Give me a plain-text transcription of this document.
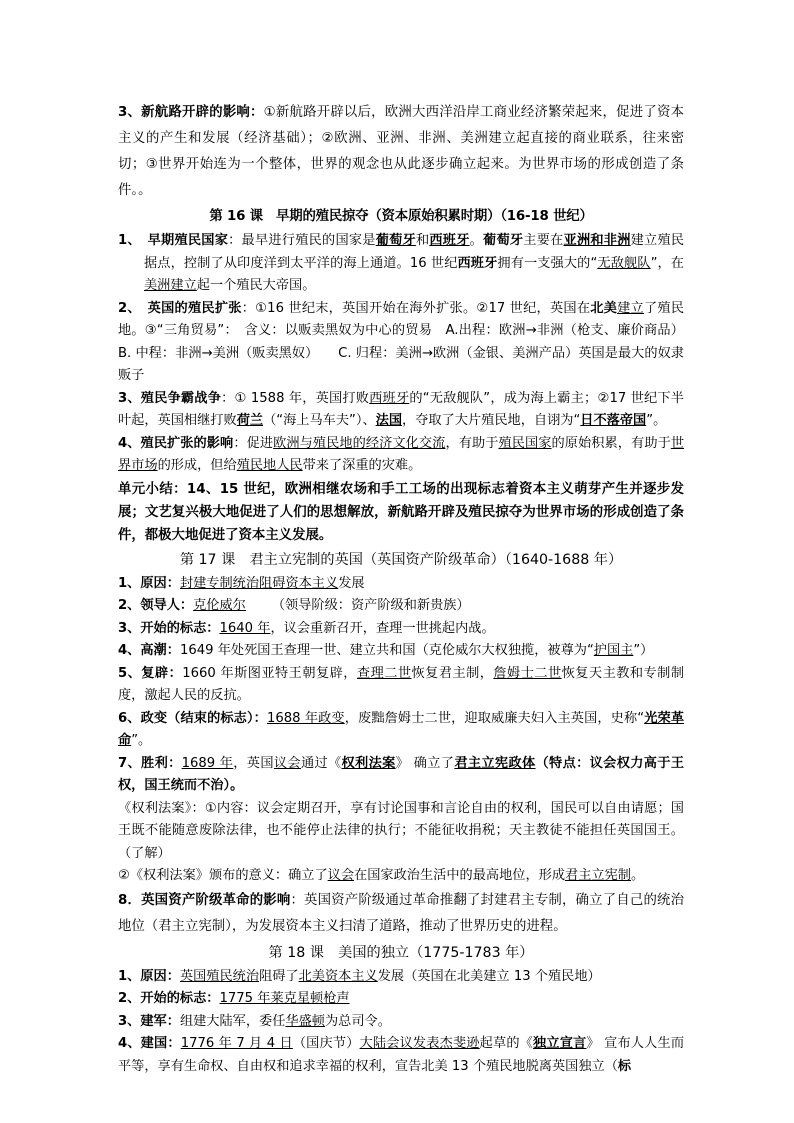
3、新航路开辟的影响：①新航路开辟以后，欧洲大西洋沿岸工商业经济繁荣起来，促进了资本主义的产生和发展（经济基础）；②欧洲、亚洲、非洲、美洲建立起直接的商业联系，往来密切；③世界开始连为一个整体，世界的观念也从此逐步确立起来。为世界市场的形成创造了条件。。

第 16 课　早期的殖民掠夺（资本原始积累时期）（16-18 世纪）

1、　早期殖民国家：最早进行殖民的国家是葡萄牙和西班牙。葡萄牙主要在亚洲和非洲建立殖民据点，控制了从印度洋到太平洋的海上通道。16 世纪西班牙拥有一支强大的“无敌舰队”，在美洲建立起一个殖民大帝国。

2、　英国的殖民扩张：①16 世纪末，英国开始在海外扩张。②17 世纪，英国在北美建立了殖民地。③“三角贸易”：　含义：以贩卖黑奴为中心的贸易　A.出程：欧洲→非洲（枪支、廉价商品）B. 中程：非洲→美洲（贩卖黑奴）　　C. 归程：美洲→欧洲（金银、美洲产品）英国是最大的奴隶贩子

3、殖民争霸战争：① 1588 年，英国打败西班牙的“无敌舰队”，成为海上霸主；②17 世纪下半叶起，英国相继打败荷兰（“海上马车夫”）、法国，夺取了大片殖民地，自诩为“日不落帝国”。

4、殖民扩张的影响：促进欧洲与殖民地的经济文化交流，有助于殖民国家的原始积累，有助于世界市场的形成，但给殖民地人民带来了深重的灾难。

单元小结：14、15 世纪，欧洲相继农场和手工工场的出现标志着资本主义萌芽产生并逐步发展；文艺复兴极大地促进了人们的思想解放，新航路开辟及殖民掠夺为世界市场的形成创造了条件，都极大地促进了资本主义发展。

第 17 课　君主立宪制的英国（英国资产阶级革命）（1640-1688 年）

1、原因：封建专制统治阻碍资本主义发展

2、领导人：克伦威尔 （领导阶级：资产阶级和新贵族）

3、开始的标志：1640 年，议会重新召开，查理一世挑起内战。

4、高潮：1649 年处死国王查理一世、建立共和国（克伦威尔大权独揽，被尊为“护国主”）

5、复辟：1660 年斯图亚特王朝复辟，查理二世恢复君主制，詹姆士二世恢复天主教和专制制度，激起人民的反抗。

6、政变（结束的标志）：1688 年政变，废黜詹姆士二世，迎取威廉夫妇入主英国，史称“光荣革命”。

7、胜利：1689 年，英国议会通过《权利法案》 确立了君主立宪政体（特点：议会权力高于王权，国王统而不治）。

《权利法案》：①内容：议会定期召开，享有讨论国事和言论自由的权利，国民可以自由请愿；国王既不能随意废除法律，也不能停止法律的执行；不能征收捐税；天主教徒不能担任英国国王。（了解）

②《权利法案》颁布的意义：确立了议会在国家政治生活中的最高地位，形成君主立宪制。

8．英国资产阶级革命的影响：英国资产阶级通过革命推翻了封建君主专制，确立了自己的统治地位（君主立宪制），为发展资本主义扫清了道路，推动了世界历史的进程。

第 18 课　美国的独立（1775-1783 年）

1、原因：英国殖民统治阻碍了北美资本主义发展（英国在北美建立 13 个殖民地）

2、开始的标志：1775 年莱克星顿枪声

3、建军：组建大陆军，委任华盛顿为总司令。

4、建国：1776 年 7 月 4 日（国庆节）大陆会议发表杰斐逊起草的《独立宣言》 宣布人人生而平等，享有生命权、自由权和追求幸福的权利，宣告北美 13 个殖民地脱离英国独立（标
